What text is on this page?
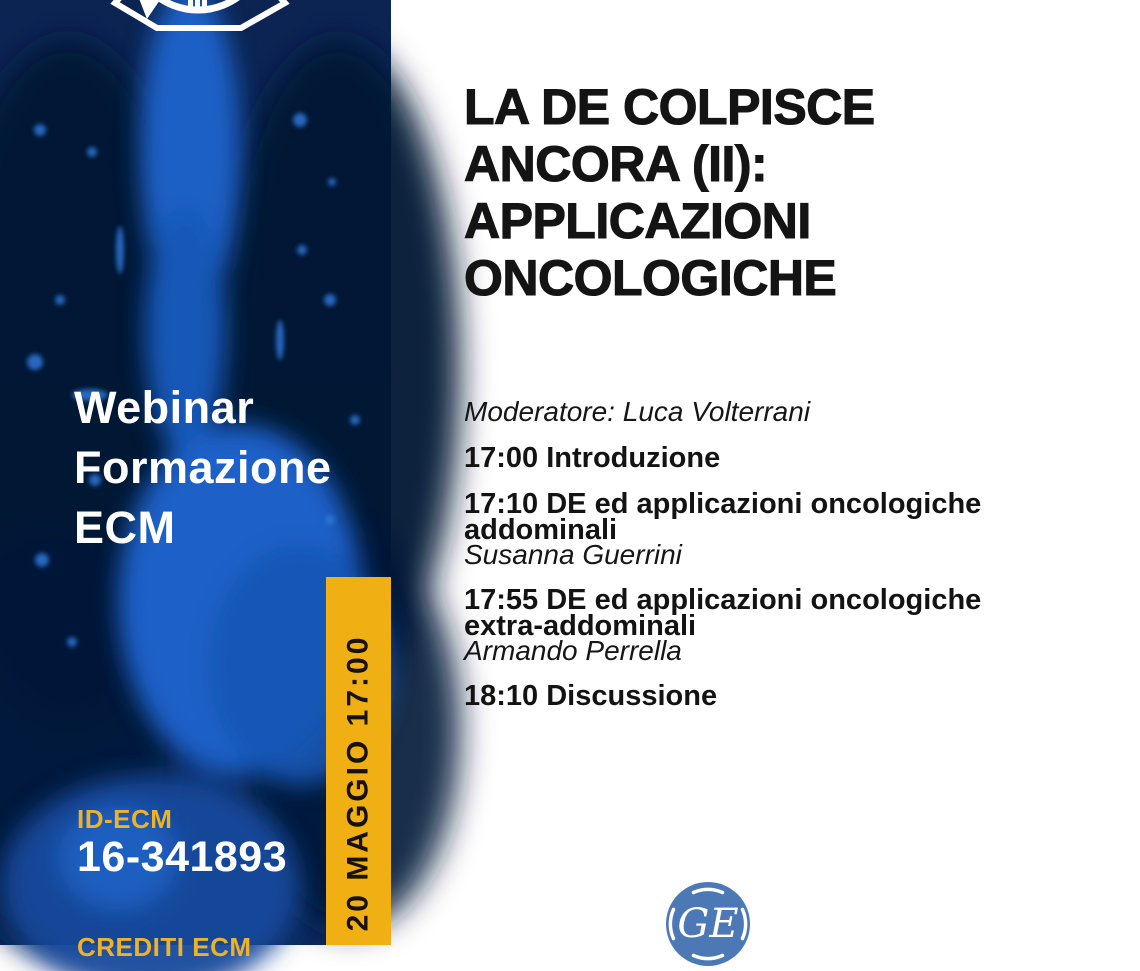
Webinar
Formazione
ECM
ID-ECM
16-341893
CREDITI ECM
20 MAGGIO 17:00
LA DE COLPISCE
ANCORA (II):
APPLICAZIONI
ONCOLOGICHE
Moderatore: Luca Volterrani
17:00 Introduzione
17:10 DE ed applicazioni oncologiche
addominali
Susanna Guerrini
17:55 DE ed applicazioni oncologiche
extra-addominali
Armando Perrella
18:10 Discussione
GE
